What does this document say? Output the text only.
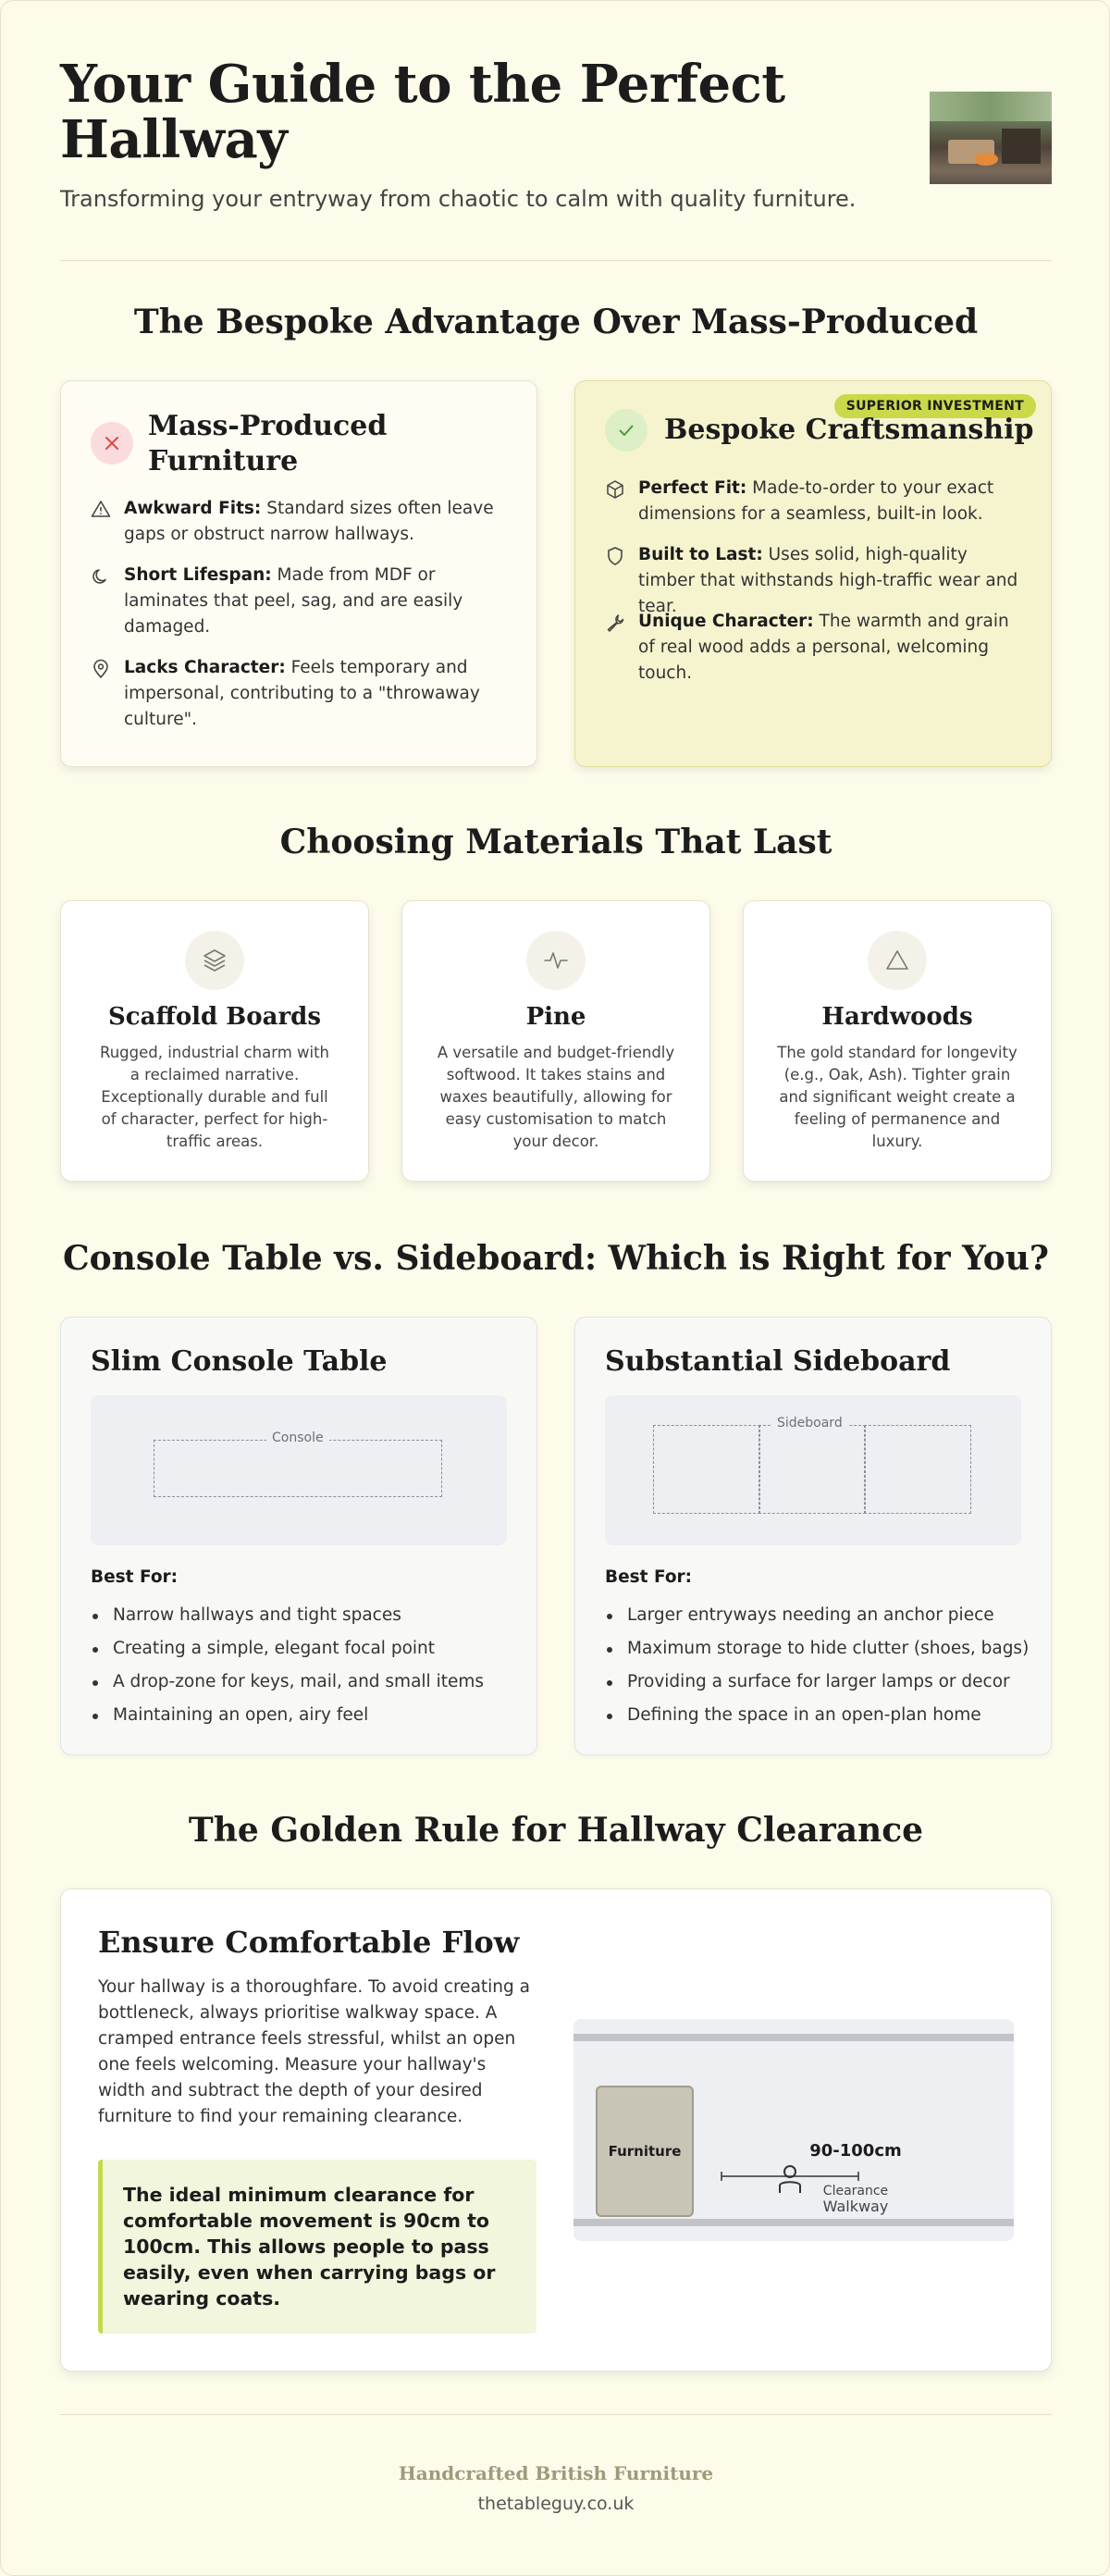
Your Guide to the Perfect Hallway

Transforming your entryway from chaotic to calm with quality furniture.

The Bespoke Advantage Over Mass-Produced
Mass-Produced Furniture
Awkward Fits: Standard sizes often leave gaps or obstruct narrow hallways.
Short Lifespan: Made from MDF or laminates that peel, sag, and are easily damaged.
Lacks Character: Feels temporary and impersonal, contributing to a "throwaway culture".
SUPERIOR INVESTMENT
Bespoke Craftsmanship
Perfect Fit: Made-to-order to your exact dimensions for a seamless, built-in look.
Built to Last: Uses solid, high-quality timber that withstands high-traffic wear and tear.
Unique Character: The warmth and grain of real wood adds a personal, welcoming touch.
Choosing Materials That Last
Scaffold Boards

Rugged, industrial charm with a reclaimed narrative. Exceptionally durable and full of character, perfect for high-traffic areas.

Pine

A versatile and budget-friendly softwood. It takes stains and waxes beautifully, allowing for easy customisation to match your decor.

Hardwoods

The gold standard for longevity (e.g., Oak, Ash). Tighter grain and significant weight create a feeling of permanence and luxury.

Console Table vs. Sideboard: Which is Right for You?
Slim Console Table
Console
Best For:
Narrow hallways and tight spaces
Creating a simple, elegant focal point
A drop-zone for keys, mail, and small items
Maintaining an open, airy feel
Substantial Sideboard
Sideboard
Best For:
Larger entryways needing an anchor piece
Maximum storage to hide clutter (shoes, bags)
Providing a surface for larger lamps or decor
Defining the space in an open-plan home
The Golden Rule for Hallway Clearance
Ensure Comfortable Flow

Your hallway is a thoroughfare. To avoid creating a bottleneck, always prioritise walkway space. A cramped entrance feels stressful, whilst an open one feels welcoming. Measure your hallway's width and subtract the depth of your desired furniture to find your remaining clearance.

The ideal minimum clearance for comfortable movement is 90cm to 100cm. This allows people to pass easily, even when carrying bags or wearing coats.

Furniture	90-100cm
Clearance
Walkway
Handcrafted British Furniture
thetableguy.co.uk
